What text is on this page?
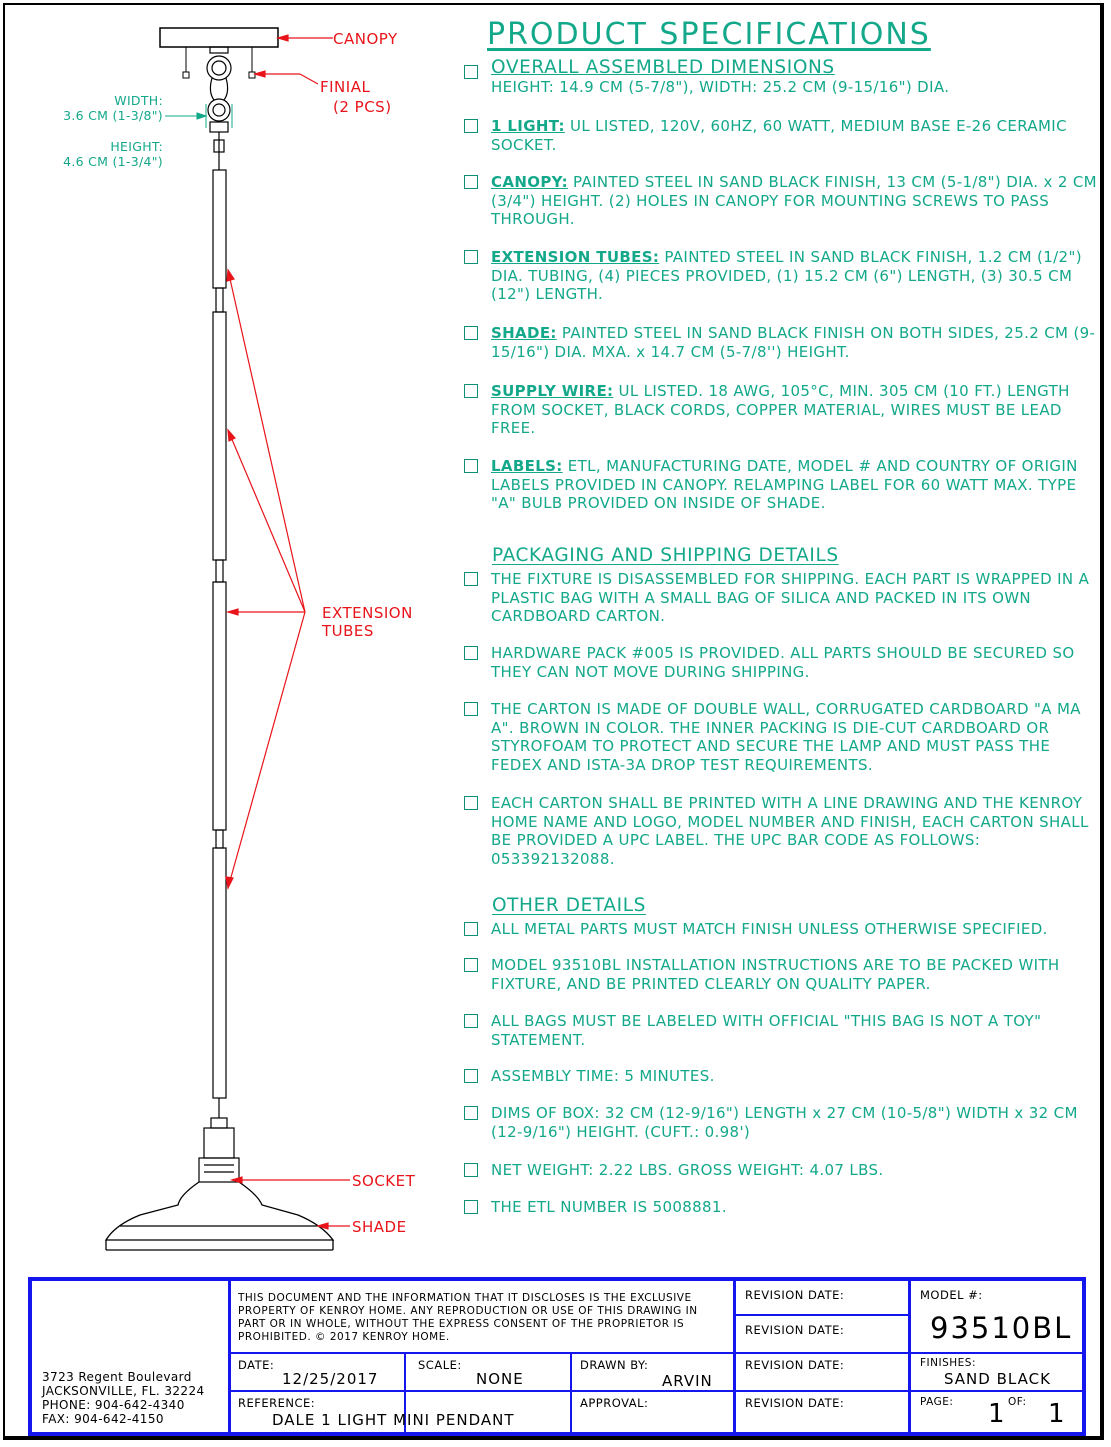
CANOPY
FINIAL
(2 PCS)
WIDTH:
3.6 CM (1-3/8")
HEIGHT:
4.6 CM (1-3/4")
EXTENSION
TUBES
SOCKET
SHADE
PRODUCT SPECIFICATIONS
OVERALL ASSEMBLED DIMENSIONS
HEIGHT: 14.9 CM (5-7/8"), WIDTH: 25.2 CM (9-15/16") DIA.
1 LIGHT: UL LISTED, 120V, 60HZ, 60 WATT, MEDIUM BASE E-26 CERAMIC SOCKET.
CANOPY: PAINTED STEEL IN SAND BLACK FINISH, 13 CM (5-1/8") DIA. x 2 CM (3/4") HEIGHT. (2) HOLES IN CANOPY FOR MOUNTING SCREWS TO PASS THROUGH.
EXTENSION TUBES: PAINTED STEEL IN SAND BLACK FINISH, 1.2 CM (1/2") DIA. TUBING, (4) PIECES PROVIDED, (1) 15.2 CM (6") LENGTH, (3) 30.5 CM (12") LENGTH.
SHADE: PAINTED STEEL IN SAND BLACK FINISH ON BOTH SIDES, 25.2 CM (9-15/16") DIA. MXA. x 14.7 CM (5-7/8'') HEIGHT.
SUPPLY WIRE: UL LISTED. 18 AWG, 105°C, MIN. 305 CM (10 FT.) LENGTH FROM SOCKET, BLACK CORDS, COPPER MATERIAL, WIRES MUST BE LEAD FREE.
LABELS: ETL, MANUFACTURING DATE, MODEL # AND COUNTRY OF ORIGIN LABELS PROVIDED IN CANOPY. RELAMPING LABEL FOR 60 WATT MAX. TYPE "A" BULB PROVIDED ON INSIDE OF SHADE.
PACKAGING AND SHIPPING DETAILS
THE FIXTURE IS DISASSEMBLED FOR SHIPPING. EACH PART IS WRAPPED IN A PLASTIC BAG WITH A SMALL BAG OF SILICA AND PACKED IN ITS OWN CARDBOARD CARTON.
HARDWARE PACK #005 IS PROVIDED. ALL PARTS SHOULD BE SECURED SO THEY CAN NOT MOVE DURING SHIPPING.
THE CARTON IS MADE OF DOUBLE WALL, CORRUGATED CARDBOARD "A MA A". BROWN IN COLOR. THE INNER PACKING IS DIE-CUT CARDBOARD OR STYROFOAM TO PROTECT AND SECURE THE LAMP AND MUST PASS THE FEDEX AND ISTA-3A DROP TEST REQUIREMENTS.
EACH CARTON SHALL BE PRINTED WITH A LINE DRAWING AND THE KENROY HOME NAME AND LOGO, MODEL NUMBER AND FINISH, EACH CARTON SHALL BE PROVIDED A UPC LABEL. THE UPC BAR CODE AS FOLLOWS: 053392132088.
OTHER DETAILS
ALL METAL PARTS MUST MATCH FINISH UNLESS OTHERWISE SPECIFIED.
MODEL 93510BL INSTALLATION INSTRUCTIONS ARE TO BE PACKED WITH FIXTURE, AND BE PRINTED CLEARLY ON QUALITY PAPER.
ALL BAGS MUST BE LABELED WITH OFFICIAL "THIS BAG IS NOT A TOY" STATEMENT.
ASSEMBLY TIME: 5 MINUTES.
DIMS OF BOX: 32 CM (12-9/16") LENGTH x 27 CM (10-5/8") WIDTH x 32 CM (12-9/16") HEIGHT. (CUFT.: 0.98')
NET WEIGHT: 2.22 LBS. GROSS WEIGHT: 4.07 LBS.
THE ETL NUMBER IS 5008881.
3723 Regent Boulevard
JACKSONVILLE, FL. 32224
PHONE: 904-642-4340
FAX: 904-642-4150
THIS DOCUMENT AND THE INFORMATION THAT IT DISCLOSES IS THE EXCLUSIVE PROPERTY OF KENROY HOME. ANY REPRODUCTION OR USE OF THIS DRAWING IN PART OR IN WHOLE, WITHOUT THE EXPRESS CONSENT OF THE PROPRIETOR IS PROHIBITED. © 2017 KENROY HOME.
DATE:
12/25/2017
SCALE:
NONE
DRAWN BY:
ARVIN
REFERENCE:
DALE 1 LIGHT MINI PENDANT
APPROVAL:
REVISION DATE:
REVISION DATE:
REVISION DATE:
REVISION DATE:
MODEL #:
93510BL
FINISHES:
SAND BLACK
PAGE: 1 OF: 1
